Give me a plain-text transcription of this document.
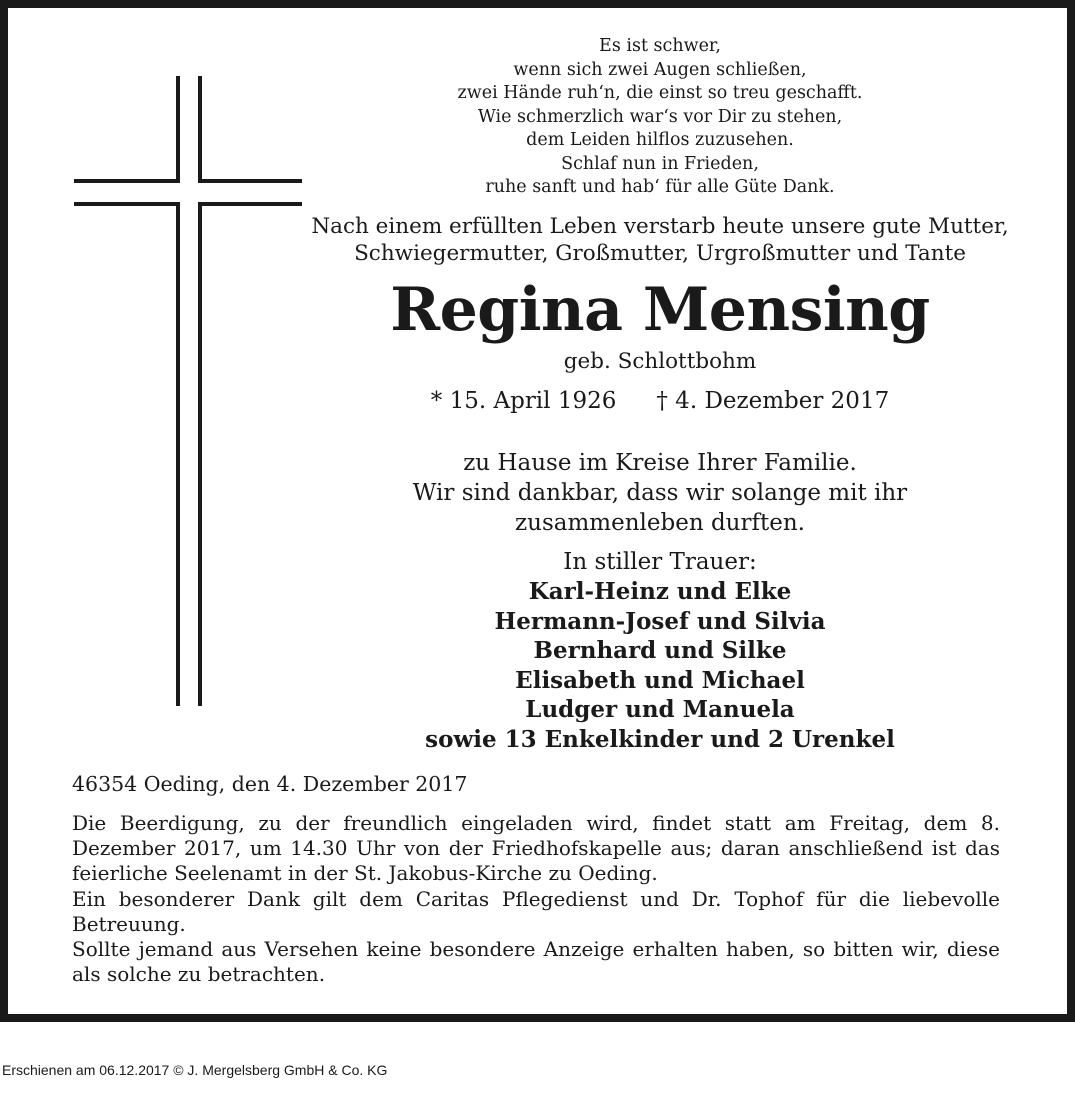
Es ist schwer,
wenn sich zwei Augen schließen,
zwei Hände ruh‘n, die einst so treu geschafft.
Wie schmerzlich war‘s vor Dir zu stehen,
dem Leiden hilflos zuzusehen.
Schlaf nun in Frieden,
ruhe sanft und hab‘ für alle Güte Dank.
Nach einem erfüllten Leben verstarb heute unsere gute Mutter,
Schwiegermutter, Großmutter, Urgroßmutter und Tante
Regina Mensing
geb. Schlottbohm
* 15. April 1926 † 4. Dezember 2017
zu Hause im Kreise Ihrer Familie.
Wir sind dankbar, dass wir solange mit ihr
zusammenleben durften.
In stiller Trauer:
Karl-Heinz und Elke
Hermann-Josef und Silvia
Bernhard und Silke
Elisabeth und Michael
Ludger und Manuela
sowie 13 Enkelkinder und 2 Urenkel
46354 Oeding, den 4. Dezember 2017

Die Beerdigung, zu der freundlich eingeladen wird, findet statt am Freitag, dem 8. Dezember 2017, um 14.30 Uhr von der Friedhofskapelle aus; daran anschließend ist das feierliche Seelenamt in der St. Jakobus-Kirche zu Oeding.

Ein besonderer Dank gilt dem Caritas Pflegedienst und Dr. Tophof für die liebevolle Betreuung.

Sollte jemand aus Versehen keine besondere Anzeige erhalten haben, so bitten wir, diese als solche zu betrachten.

Erschienen am 06.12.2017 © J. Mergelsberg GmbH & Co. KG
